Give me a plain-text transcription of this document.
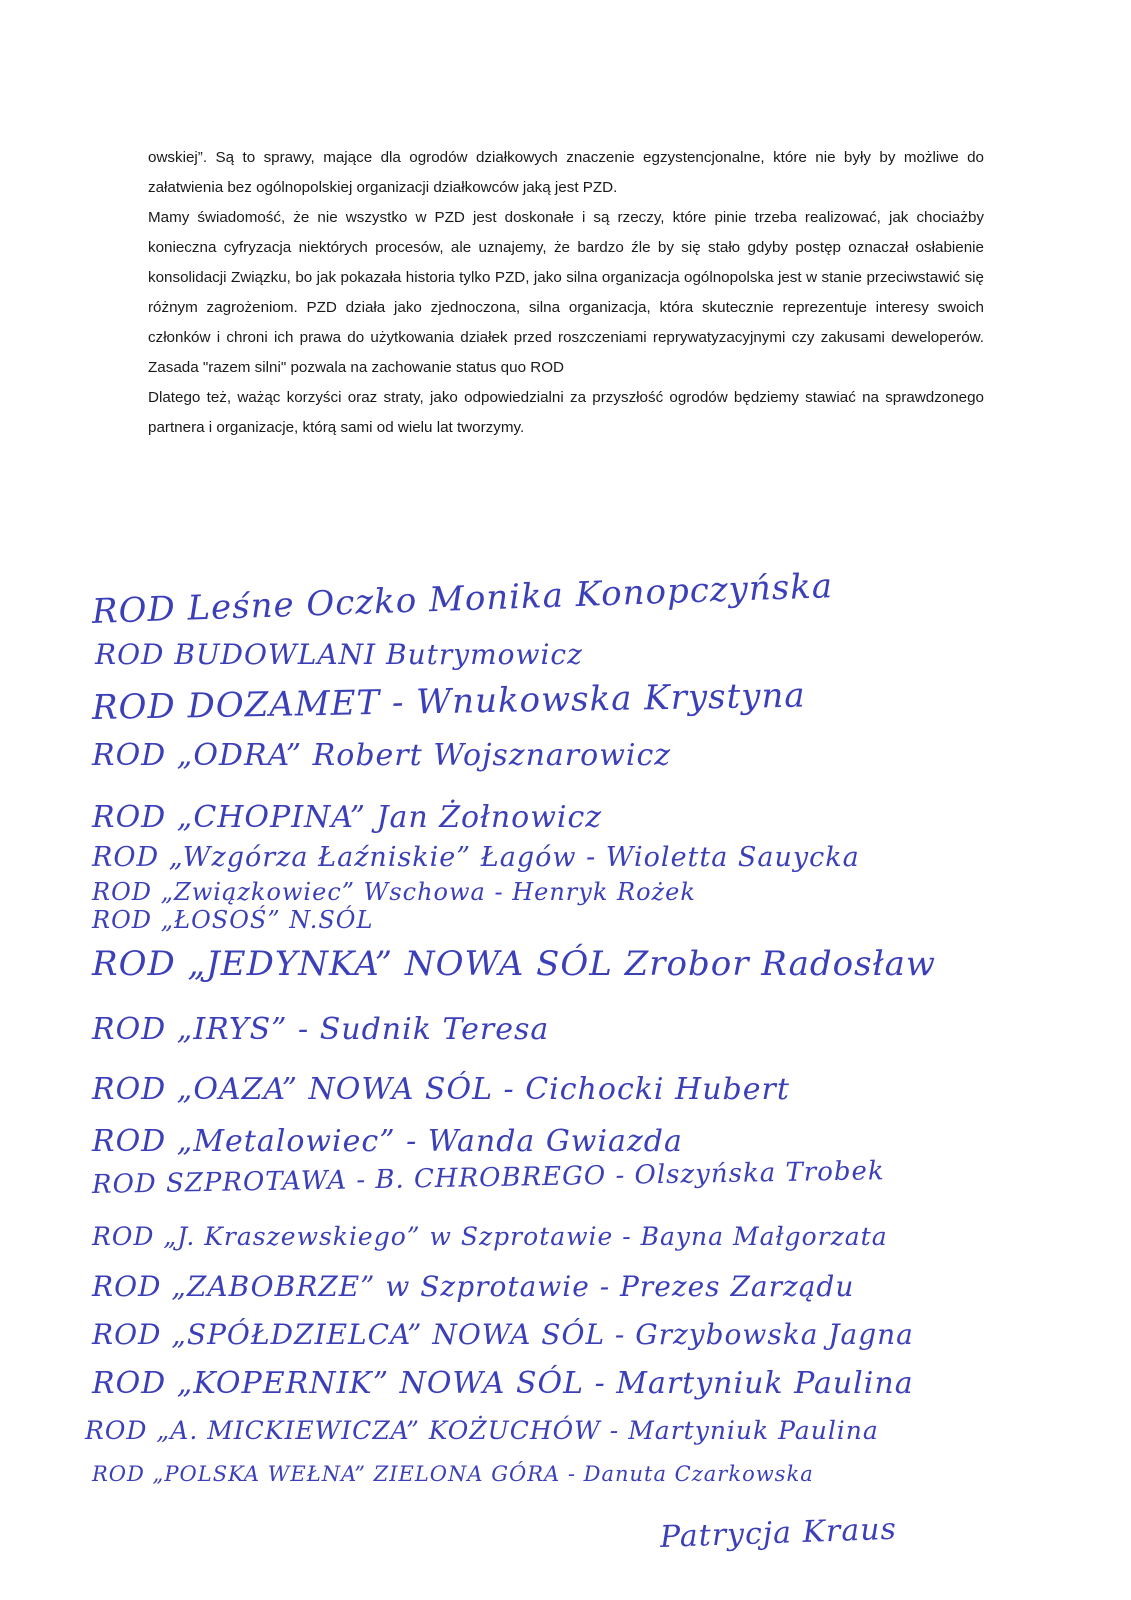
owskiej”. Są to sprawy, mające dla ogrodów działkowych znaczenie egzystencjonalne, które nie były by możliwe do załatwienia bez ogólnopolskiej organizacji działkowców jaką jest PZD.

Mamy świadomość, że nie wszystko w PZD jest doskonałe i są rzeczy, które pinie trzeba realizować, jak chociażby konieczna cyfryzacja niektórych procesów, ale uznajemy, że bardzo źle by się stało gdyby postęp oznaczał osłabienie konsolidacji Związku, bo jak pokazała historia tylko PZD, jako silna organizacja ogólnopolska jest w stanie przeciwstawić się różnym zagrożeniom. PZD działa jako zjednoczona, silna organizacja, która skutecznie reprezentuje interesy swoich członków i chroni ich prawa do użytkowania działek przed roszczeniami reprywatyzacyjnymi czy zakusami deweloperów. Zasada "razem silni" pozwala na zachowanie status quo ROD

Dlatego też, ważąc korzyści oraz straty, jako odpowiedzialni za przyszłość ogrodów będziemy stawiać na sprawdzonego partnera i organizacje, którą sami od wielu lat tworzymy.

ROD Leśne Oczko Monika Konopczyńska
ROD BUDOWLANI Butrymowicz
ROD DOZAMET - Wnukowska Krystyna
ROD „ODRA” Robert Wojsznarowicz
ROD „CHOPINA” Jan Żołnowicz
ROD „Wzgórza Łaźniskie” Łagów - Wioletta Sauycka
ROD „Związkowiec” Wschowa - Henryk Rożek
ROD „ŁOSOŚ” N.SÓL
ROD „JEDYNKA” NOWA SÓL Zrobor Radosław
ROD „IRYS” - Sudnik Teresa
ROD „OAZA” NOWA SÓL - Cichocki Hubert
ROD „Metalowiec” - Wanda Gwiazda
ROD SZPROTAWA - B. CHROBREGO - Olszyńska Trobek
ROD „J. Kraszewskiego” w Szprotawie - Bayna Małgorzata
ROD „ZABOBRZE” w Szprotawie - Prezes Zarządu
ROD „SPÓŁDZIELCA” NOWA SÓL - Grzybowska Jagna
ROD „KOPERNIK” NOWA SÓL - Martyniuk Paulina
ROD „A. MICKIEWICZA” KOŻUCHÓW - Martyniuk Paulina
ROD „POLSKA WEŁNA” ZIELONA GÓRA - Danuta Czarkowska
Patrycja Kraus
